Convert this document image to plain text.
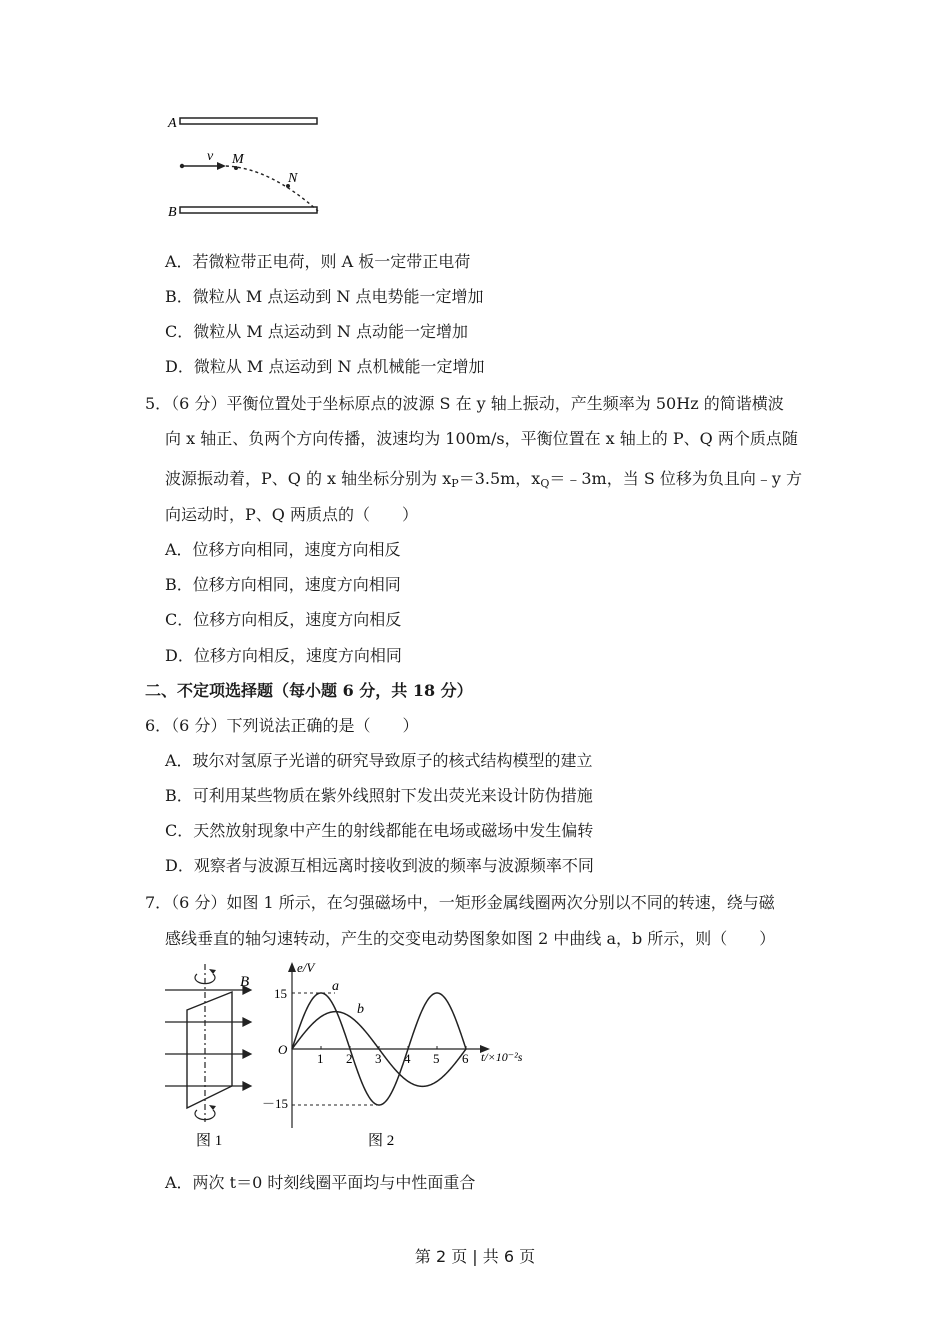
A
B
v M
N
A．若微粒带正电荷，则 A 板一定带正电荷
B．微粒从 M 点运动到 N 点电势能一定增加
C．微粒从 M 点运动到 N 点动能一定增加
D．微粒从 M 点运动到 N 点机械能一定增加
5．（6 分）平衡位置处于坐标原点的波源 S 在 y 轴上振动，产生频率为 50Hz 的简谐横波
向 x 轴正、负两个方向传播，波速均为 100m/s，平衡位置在 x 轴上的 P、Q 两个质点随
波源振动着，P、Q 的 x 轴坐标分别为 $x_P=3.5m$，$x_Q=﹣3m$，当 S 位移为负且向﹣y 方
向运动时，P、Q 两质点的（　　）
A．位移方向相同，速度方向相反
B．位移方向相同，速度方向相同
C．位移方向相反，速度方向相反
D．位移方向相反，速度方向相同
二、不定项选择题（每小题 6 分，共 18 分）
6．（6 分）下列说法正确的是（　　）
A．玻尔对氢原子光谱的研究导致原子的核式结构模型的建立
B．可利用某些物质在紫外线照射下发出荧光来设计防伪措施
C．天然放射现象中产生的射线都能在电场或磁场中发生偏转
D．观察者与波源互相远离时接收到波的频率与波源频率不同
7．（6 分）如图 1 所示，在匀强磁场中，一矩形金属线圈两次分别以不同的转速，绕与磁
感线垂直的轴匀速转动，产生的交变电动势图象如图 2 中曲线 a，b 所示，则（　　）
B
图 1
e/V
t/×10⁻²s
O
15
－15
1 2 3 4 5 6
a
b
图 2
A．两次 t＝0 时刻线圈平面均与中性面重合
第 2 页 | 共 6 页
